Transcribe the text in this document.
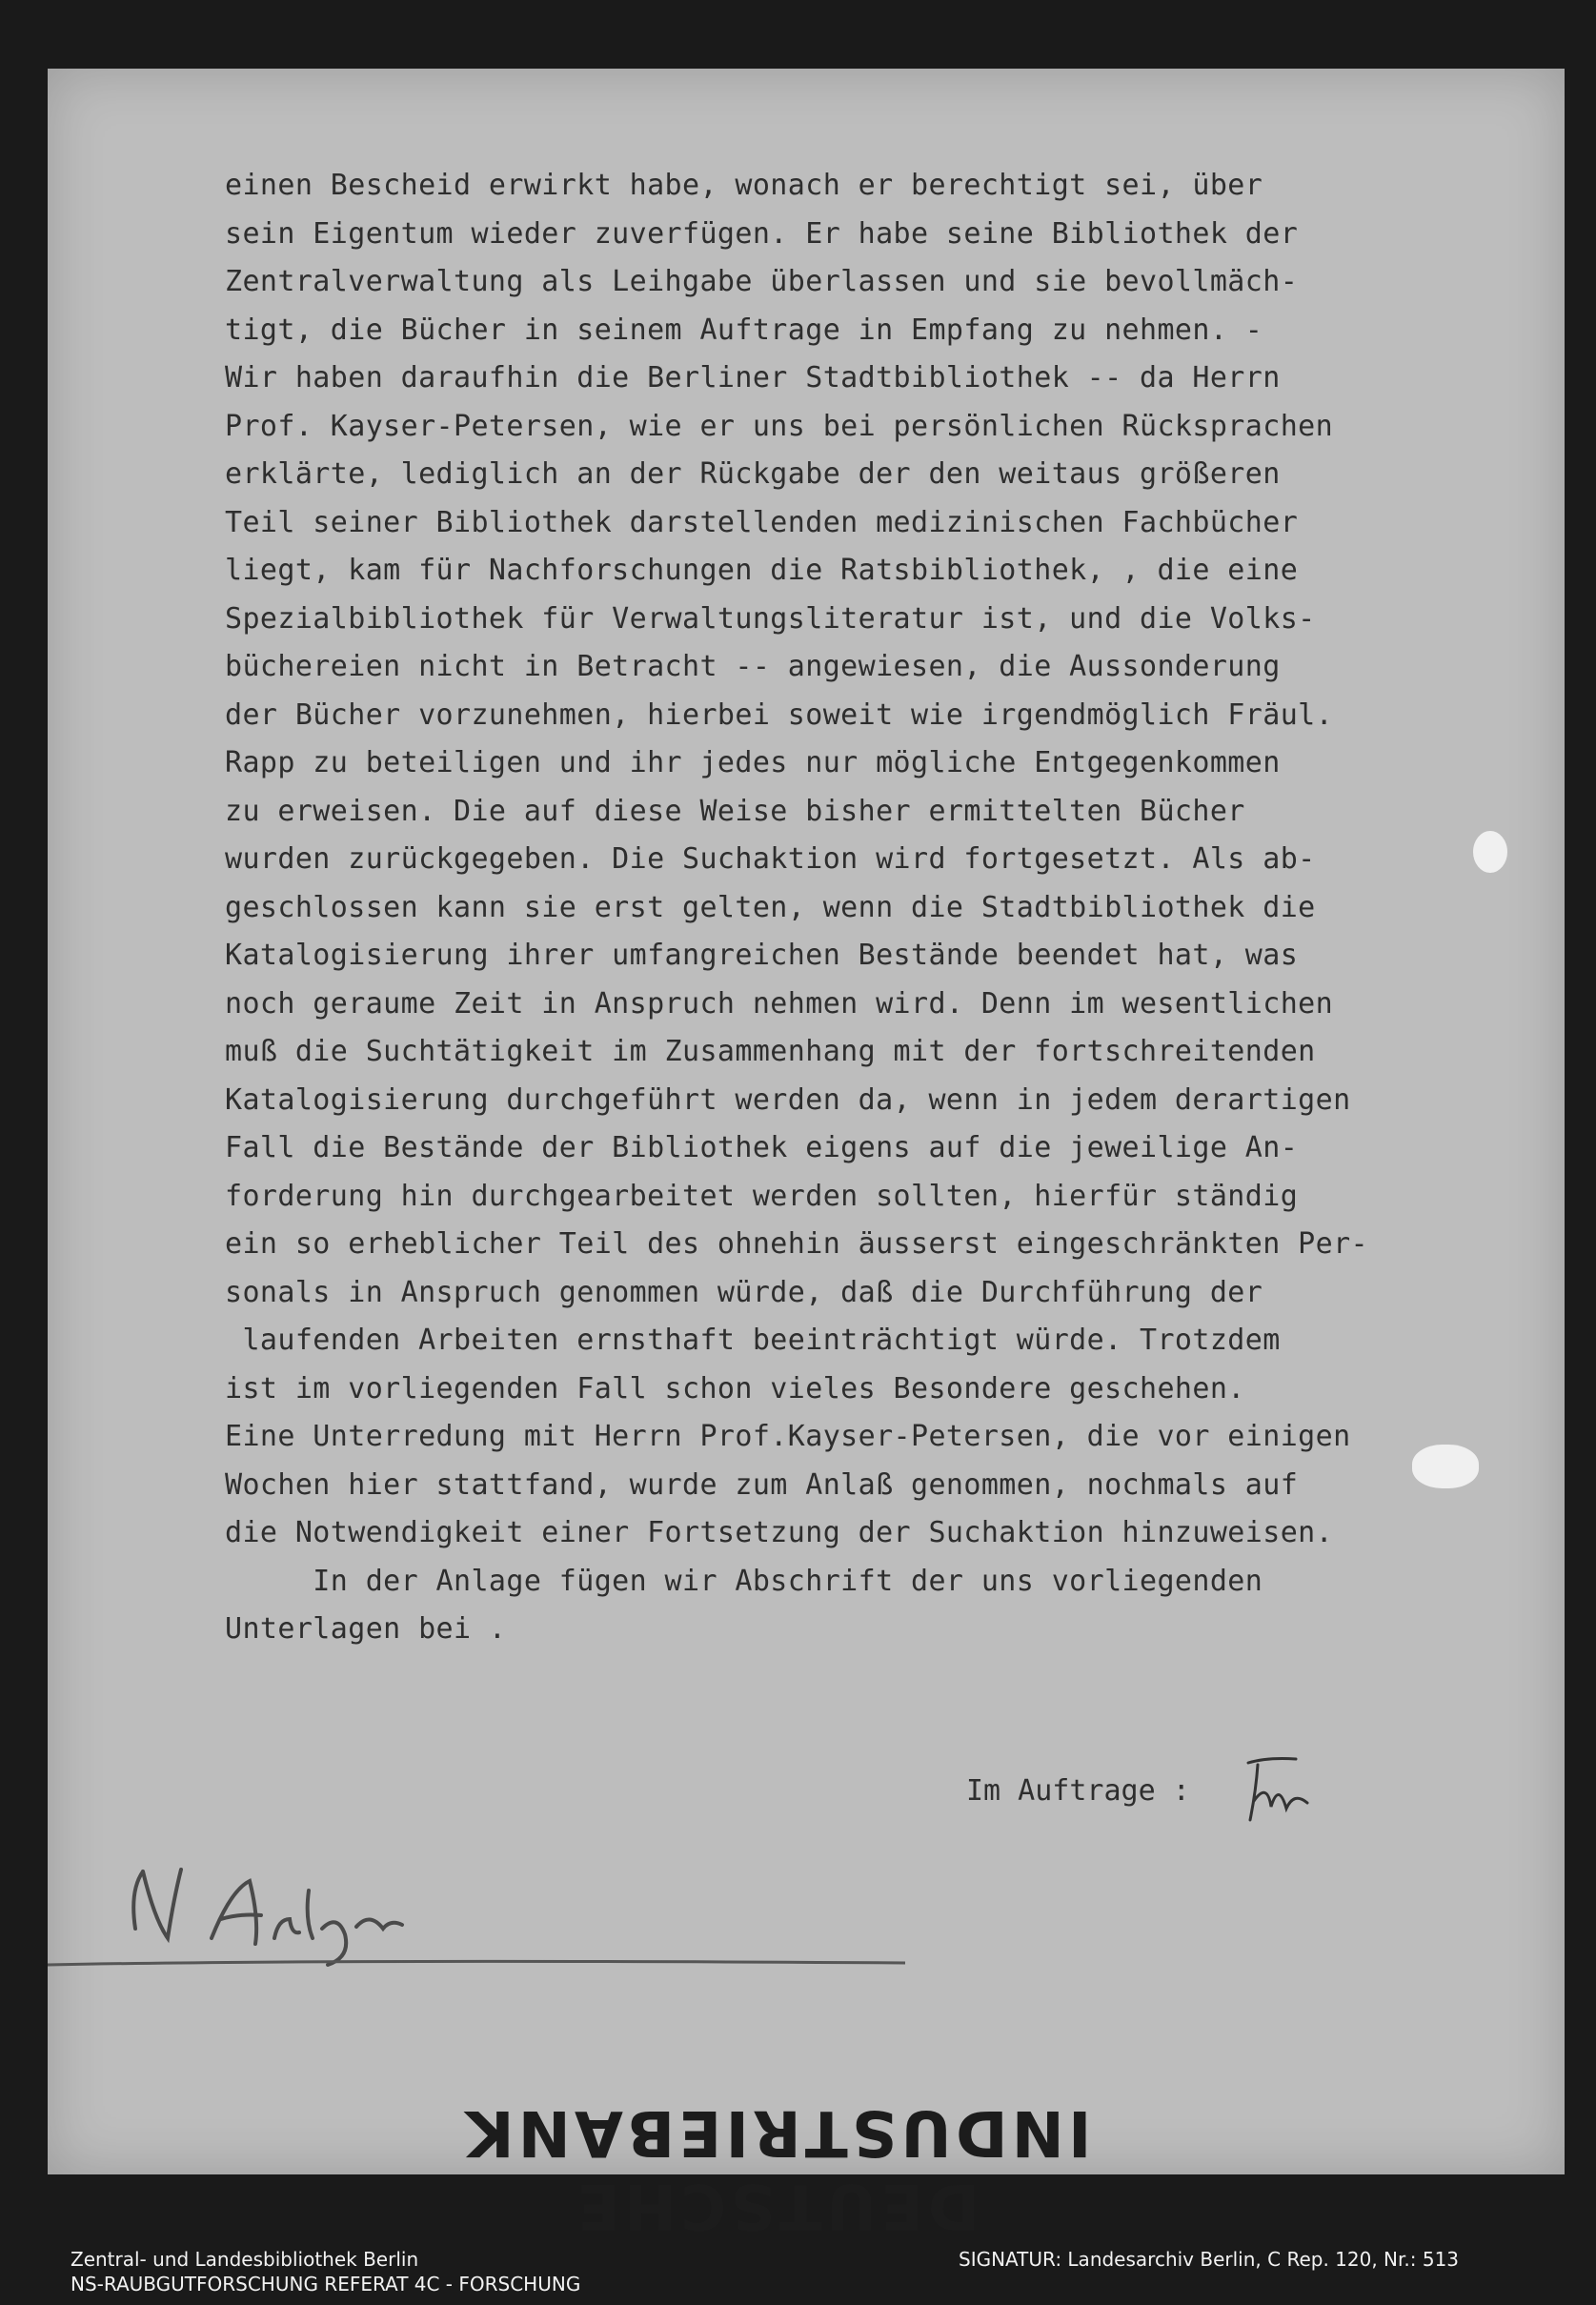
einen Bescheid erwirkt habe, wonach er berechtigt sei, über
sein Eigentum wieder zuverfügen. Er habe seine Bibliothek der
Zentralverwaltung als Leihgabe überlassen und sie bevollmäch-
tigt, die Bücher in seinem Auftrage in Empfang zu nehmen. -
Wir haben daraufhin die Berliner Stadtbibliothek -- da Herrn
Prof. Kayser-Petersen, wie er uns bei persönlichen Rücksprachen
erklärte, lediglich an der Rückgabe der den weitaus größeren
Teil seiner Bibliothek darstellenden medizinischen Fachbücher
liegt, kam für Nachforschungen die Ratsbibliothek, , die eine
Spezialbibliothek für Verwaltungsliteratur ist, und die Volks-
büchereien nicht in Betracht -- angewiesen, die Aussonderung
der Bücher vorzunehmen, hierbei soweit wie irgendmöglich Fräul.
Rapp zu beteiligen und ihr jedes nur mögliche Entgegenkommen
zu erweisen. Die auf diese Weise bisher ermittelten Bücher
wurden zurückgegeben. Die Suchaktion wird fortgesetzt. Als ab-
geschlossen kann sie erst gelten, wenn die Stadtbibliothek die
Katalogisierung ihrer umfangreichen Bestände beendet hat, was
noch geraume Zeit in Anspruch nehmen wird. Denn im wesentlichen
muß die Suchtätigkeit im Zusammenhang mit der fortschreitenden
Katalogisierung durchgeführt werden da, wenn in jedem derartigen
Fall die Bestände der Bibliothek eigens auf die jeweilige An-
forderung hin durchgearbeitet werden sollten, hierfür ständig
ein so erheblicher Teil des ohnehin äusserst eingeschränkten Per-
sonals in Anspruch genommen würde, daß die Durchführung der
laufenden Arbeiten ernsthaft beeinträchtigt würde. Trotzdem
ist im vorliegenden Fall schon vieles Besondere geschehen.
Eine Unterredung mit Herrn Prof.Kayser-Petersen, die vor einigen
Wochen hier stattfand, wurde zum Anlaß genommen, nochmals auf
die Notwendigkeit einer Fortsetzung der Suchaktion hinzuweisen.
In der Anlage fügen wir Abschrift der uns vorliegenden
Unterlagen bei .
Im Auftrage :
DEUTSCHE INDUSTRIEBANK
Zentral- und Landesbibliothek Berlin
NS-RAUBGUTFORSCHUNG REFERAT 4C - FORSCHUNG
SIGNATUR: Landesarchiv Berlin, C Rep. 120, Nr.: 513
